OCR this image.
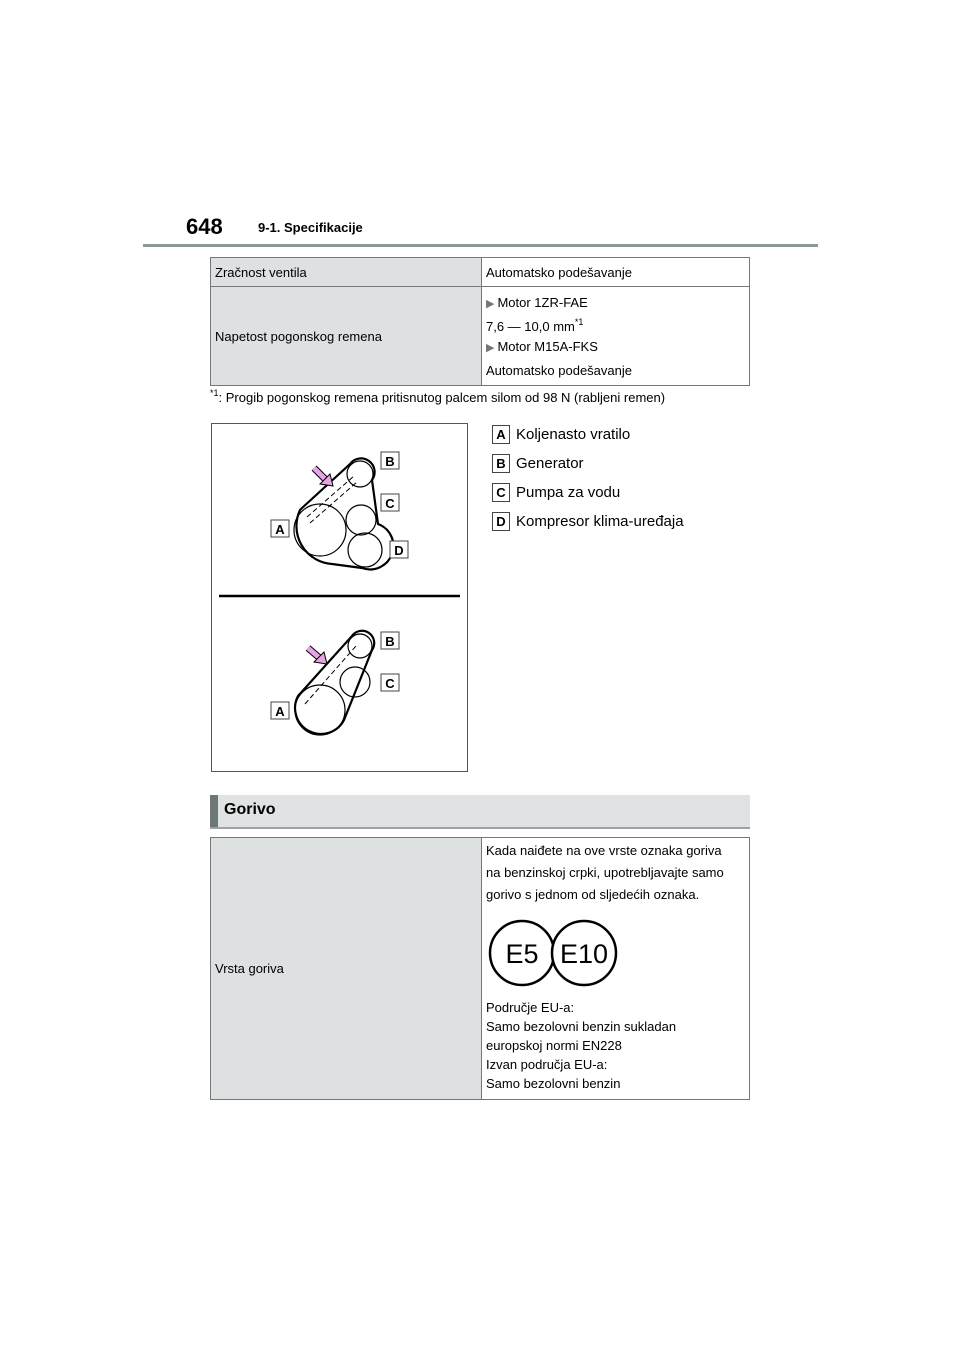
648	9-1. Specifikacije
Zračnost ventila	Automatsko podešavanje
Napetost pogonskog remena	▶ Motor 1ZR-FAE
7,6 — 10,0 $mm^{*1}$
▶ Motor M15A-FKS
Automatsko podešavanje
$^{*1}$: Progib pogonskog remena pritisnutog palcem silom od 98 N (rabljeni remen)
B
C
A
D
B
C
A
A Koljenasto vratilo
B Generator
C Pumpa za vodu
D Kompresor klima-uređaja
Gorivo
Vrsta goriva	
Kada naiđete na ove vrste oznaka goriva
na benzinskoj crpki, upotrebljavajte samo
gorivo s jednom od sljedećih oznaka.
E5 E10
Područje EU-a:
Samo bezolovni benzin sukladan
europskoj normi EN228
Izvan područja EU-a:
Samo bezolovni benzin
